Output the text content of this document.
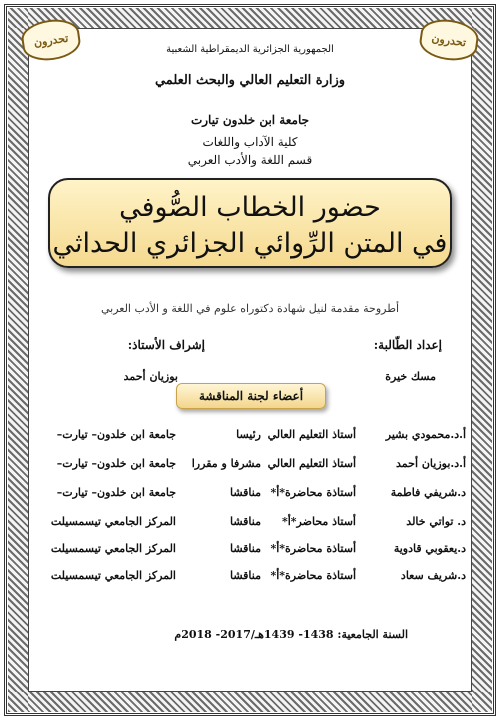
تحدرون	تحدرون
الجمهورية الجزائرية الديمقراطية الشعبية
وزارة التعليم العالي والبحث العلمي
جامعة ابن خلدون تيارت
كلية الآداب واللغات
قسم اللغة والأدب العربي
حضور الخطاب الصُّوفي
في المتن الرِّوائي الجزائري الحداثي
أطروحة مقدمة لنيل شهادة دكتوراه علوم في اللغة و الأدب العربي
إعداد الطّالبة:
إشراف الأستاذ:
مسك خيرة
بوزيان أحمد
أعضاء لجنة المناقشة
أ.د.محمودي بشير
أستاذ التعليم العالي
رئيسا
جامعة ابن خلدون– تيارت–
أ.د.بوزيان أحمد
أستاذ التعليم العالي
مشرفا و مقررا
جامعة ابن خلدون– تيارت–
د.شريفي فاطمة
أستاذة محاضرة*أ*
مناقشا
جامعة ابن خلدون– تيارت–
د. تواتي خالد
أستاذ محاضر*أ*
مناقشا
المركز الجامعي تيسمسيلت
د.يعقوبي قادوية
أستاذة محاضرة*أ*
مناقشا
المركز الجامعي تيسمسيلت
د.شريف سعاد
أستاذة محاضرة*أ*
مناقشا
المركز الجامعي تيسمسيلت
السنة الجامعية: 1438- 1439هـ/2017- 2018م
